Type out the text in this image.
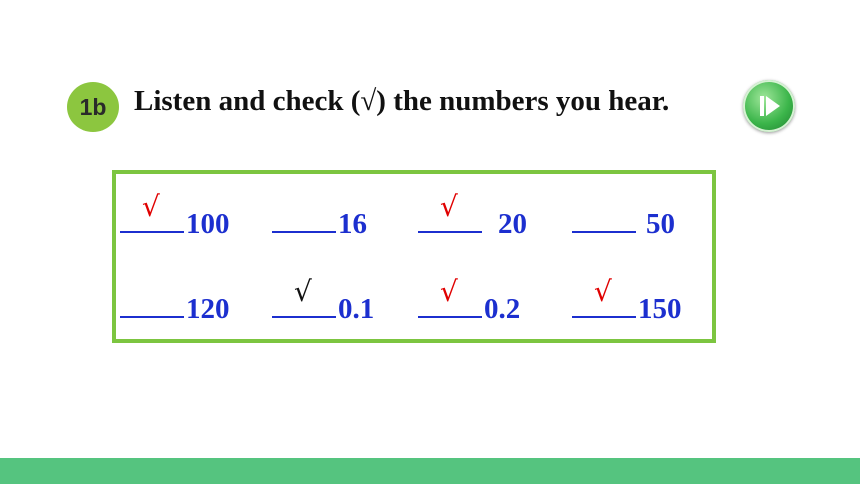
1b Listen and check (√) the numbers you hear.
√
100	16
√
20	50
120
√
0.1
√
0.2
√
150
